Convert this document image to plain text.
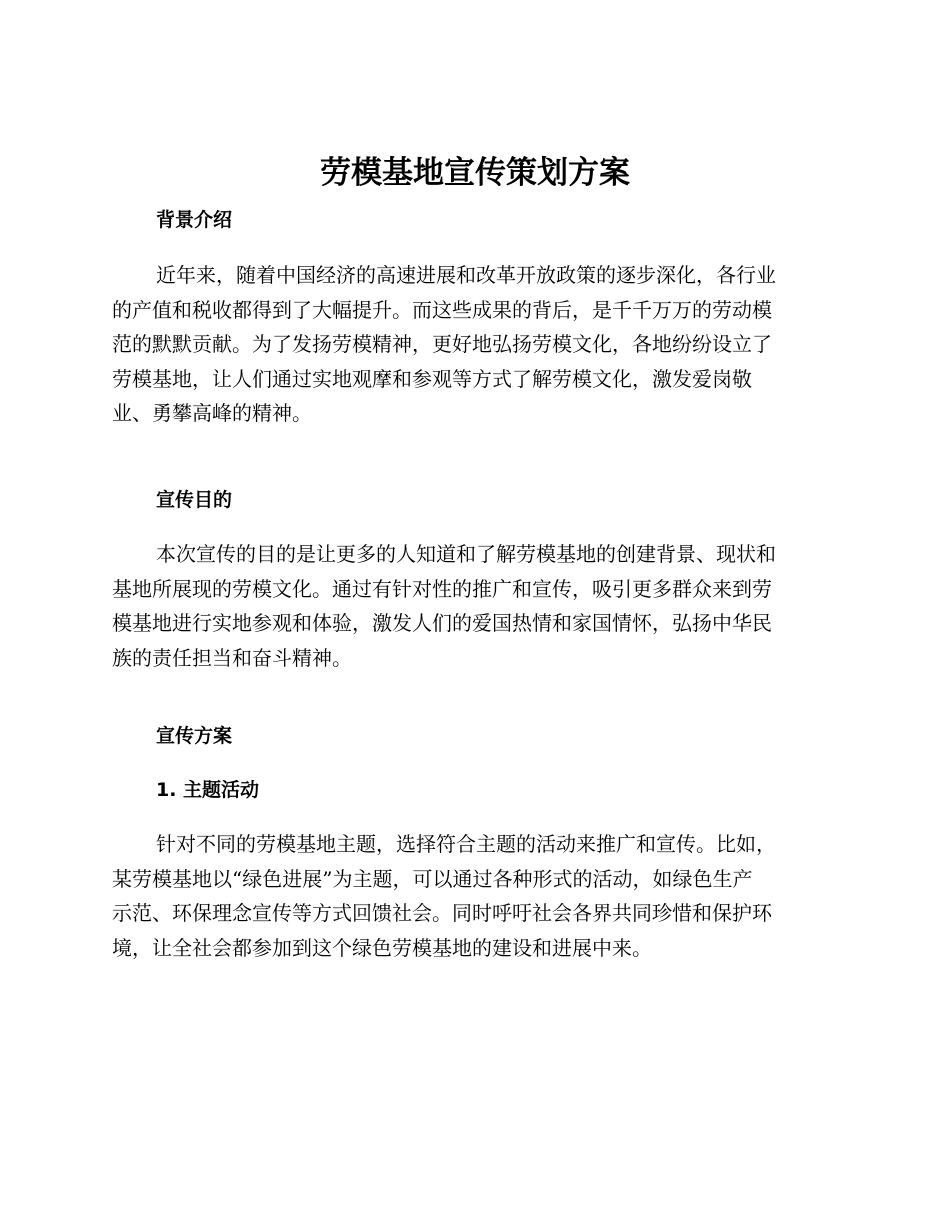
劳模基地宣传策划方案
背景介绍
近年来，随着中国经济的高速进展和改革开放政策的逐步深化，各行业
的产值和税收都得到了大幅提升。而这些成果的背后，是千千万万的劳动模
范的默默贡献。为了发扬劳模精神，更好地弘扬劳模文化，各地纷纷设立了
劳模基地，让人们通过实地观摩和参观等方式了解劳模文化，激发爱岗敬
业、勇攀高峰的精神。
宣传目的
本次宣传的目的是让更多的人知道和了解劳模基地的创建背景、现状和
基地所展现的劳模文化。通过有针对性的推广和宣传，吸引更多群众来到劳
模基地进行实地参观和体验，激发人们的爱国热情和家国情怀，弘扬中华民
族的责任担当和奋斗精神。
宣传方案
1. 主题活动
针对不同的劳模基地主题，选择符合主题的活动来推广和宣传。比如，
某劳模基地以“绿色进展”为主题，可以通过各种形式的活动，如绿色生产
示范、环保理念宣传等方式回馈社会。同时呼吁社会各界共同珍惜和保护环
境，让全社会都参加到这个绿色劳模基地的建设和进展中来。
